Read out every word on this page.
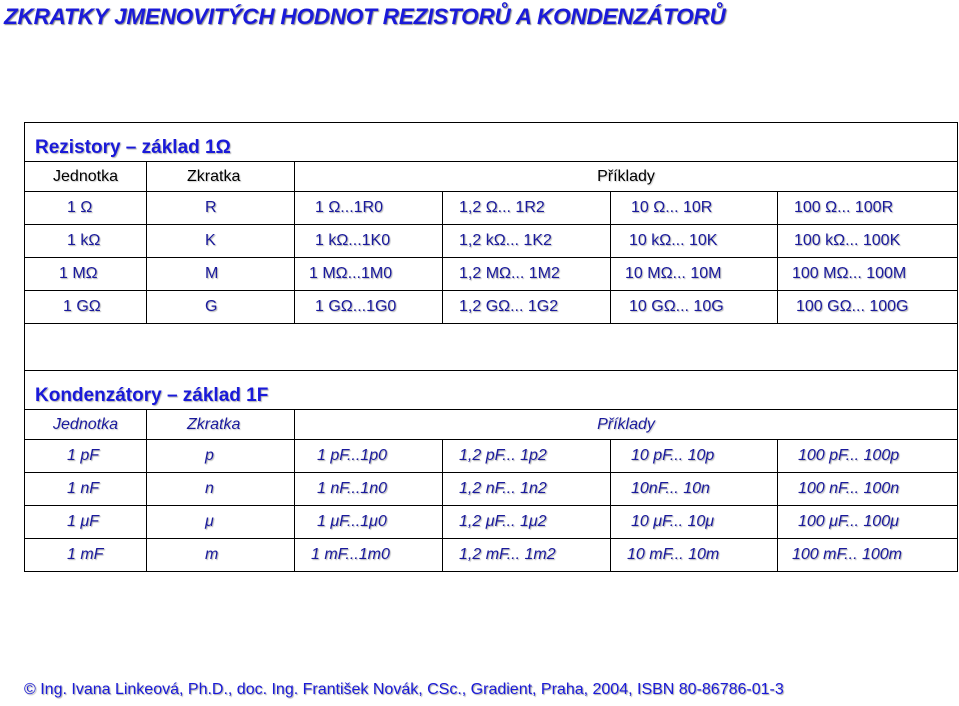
ZKRATKY JMENOVITÝCH HODNOT REZISTORŮ A KONDENZÁTORŮ
Rezistory – základ 1Ω					
Jednotka	Zkratka	Příklady			
1 Ω	R	1 Ω...1R0	1,2 Ω... 1R2	10 Ω... 10R	100 Ω... 100R
1 kΩ	K	1 kΩ...1K0	1,2 kΩ... 1K2	10 kΩ... 10K	100 kΩ... 100K
1 MΩ	M	1 MΩ...1M0	1,2 MΩ... 1M2	10 MΩ... 10M	100 MΩ... 100M
1 GΩ	G	1 GΩ...1G0	1,2 GΩ... 1G2	10 GΩ... 10G	100 GΩ... 100G

Kondenzátory – základ 1F					
Jednotka	Zkratka	Příklady			
1 pF	p	1 pF...1p0	1,2 pF... 1p2	10 pF... 10p	100 pF... 100p
1 nF	n	1 nF...1n0	1,2 nF... 1n2	10nF... 10n	100 nF... 100n
1 μF	μ	1 μF...1μ0	1,2 μF... 1μ2	10 μF... 10μ	100 μF... 100μ
1 mF	m	1 mF...1m0	1,2 mF... 1m2	10 mF... 10m	100 mF... 100m

© Ing. Ivana Linkeová, Ph.D., doc. Ing. František Novák, CSc., Gradient, Praha, 2004, ISBN 80-86786-01-3
